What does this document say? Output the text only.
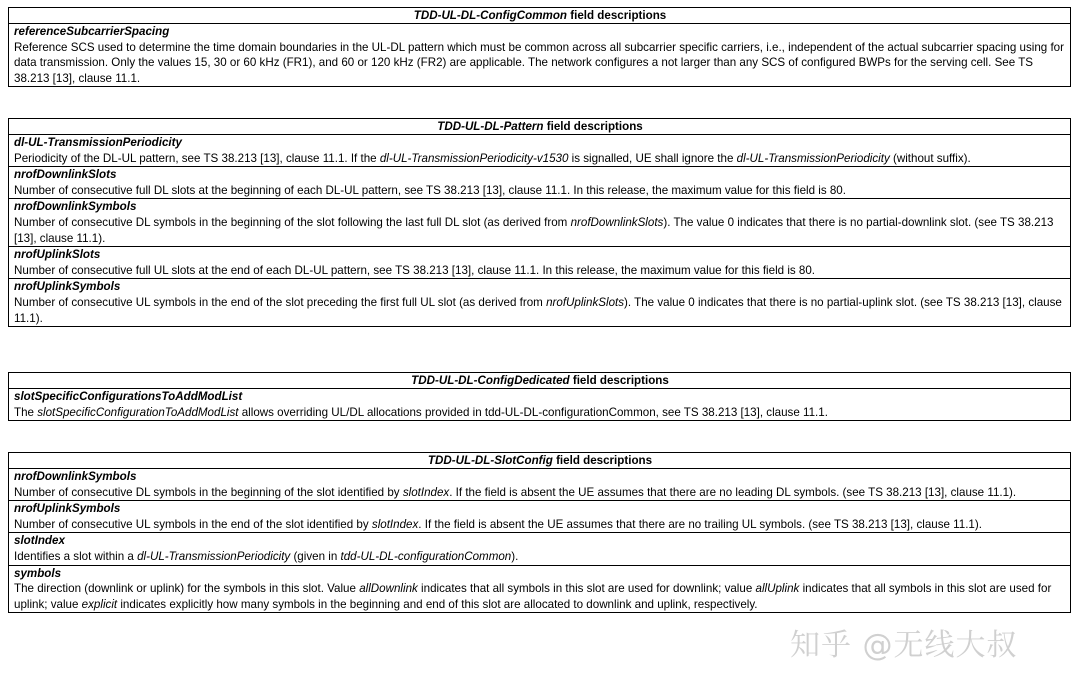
TDD-UL-DL-ConfigCommon field descriptions

referenceSubcarrierSpacing
Reference SCS used to determine the time domain boundaries in the UL-DL pattern which must be common across all subcarrier specific carriers, i.e., independent of the actual subcarrier spacing using for data transmission. Only the values 15, 30 or 60 kHz (FR1), and 60 or 120 kHz (FR2) are applicable. The network configures a not larger than any SCS of configured BWPs for the serving cell. See TS 38.213 [13], clause 11.1.
TDD-UL-DL-Pattern field descriptions

dl-UL-TransmissionPeriodicity
Periodicity of the DL-UL pattern, see TS 38.213 [13], clause 11.1. If the dl-UL-TransmissionPeriodicity-v1530 is signalled, UE shall ignore the dl-UL-TransmissionPeriodicity (without suffix).

nrofDownlinkSlots
Number of consecutive full DL slots at the beginning of each DL-UL pattern, see TS 38.213 [13], clause 11.1. In this release, the maximum value for this field is 80.

nrofDownlinkSymbols
Number of consecutive DL symbols in the beginning of the slot following the last full DL slot (as derived from nrofDownlinkSlots). The value 0 indicates that there is no partial-downlink slot. (see TS 38.213 [13], clause 11.1).

nrofUplinkSlots
Number of consecutive full UL slots at the end of each DL-UL pattern, see TS 38.213 [13], clause 11.1. In this release, the maximum value for this field is 80.

nrofUplinkSymbols
Number of consecutive UL symbols in the end of the slot preceding the first full UL slot (as derived from nrofUplinkSlots). The value 0 indicates that there is no partial-uplink slot. (see TS 38.213 [13], clause 11.1).
TDD-UL-DL-ConfigDedicated field descriptions

slotSpecificConfigurationsToAddModList
The slotSpecificConfigurationToAddModList allows overriding UL/DL allocations provided in tdd-UL-DL-configurationCommon, see TS 38.213 [13], clause 11.1.
TDD-UL-DL-SlotConfig field descriptions

nrofDownlinkSymbols
Number of consecutive DL symbols in the beginning of the slot identified by slotIndex. If the field is absent the UE assumes that there are no leading DL symbols. (see TS 38.213 [13], clause 11.1).

nrofUplinkSymbols
Number of consecutive UL symbols in the end of the slot identified by slotIndex. If the field is absent the UE assumes that there are no trailing UL symbols. (see TS 38.213 [13], clause 11.1).

slotIndex
Identifies a slot within a dl-UL-TransmissionPeriodicity (given in tdd-UL-DL-configurationCommon).

symbols
The direction (downlink or uplink) for the symbols in this slot. Value allDownlink indicates that all symbols in this slot are used for downlink; value allUplink indicates that all symbols in this slot are used for uplink; value explicit indicates explicitly how many symbols in the beginning and end of this slot are allocated to downlink and uplink, respectively.
知乎 @无线大叔
